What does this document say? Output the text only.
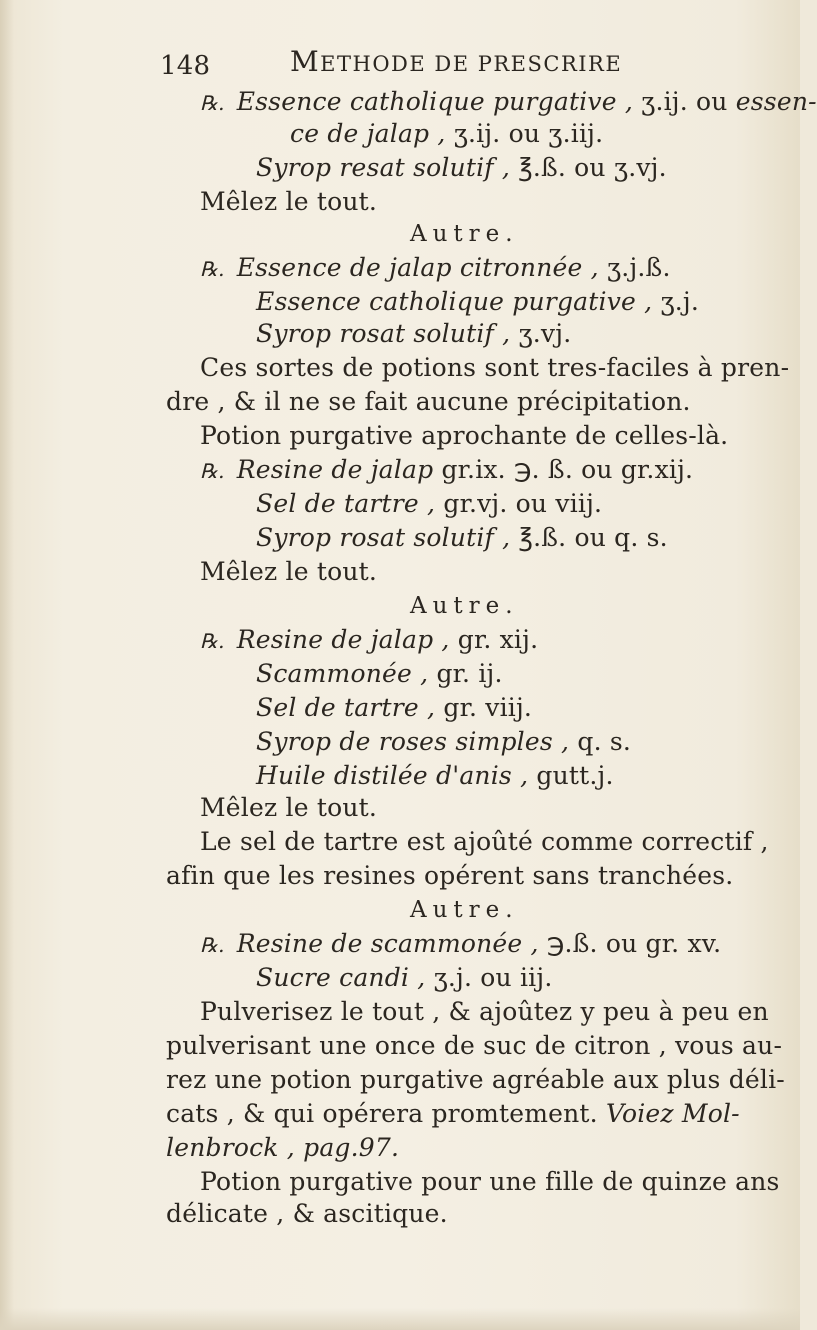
148	METHODE DE PRESCRIRE
℞. Essence catholique purgative , ʒ.ij. ou essen-
ce de jalap , ʒ.ij. ou ʒ.iij.
Syrop resat solutif , ℥.ß. ou ʒ.vj.
Mêlez le tout.
Autre.
℞. Essence de jalap citronnée , ʒ.j.ß.
Essence catholique purgative , ʒ.j.
Syrop rosat solutif , ʒ.vj.
Ces sortes de potions sont tres-faciles à pren-
dre , & il ne se fait aucune précipitation.
Potion purgative aprochante de celles-là.
℞. Resine de jalap gr.ix. ℈. ß. ou gr.xij.
Sel de tartre , gr.vj. ou viij.
Syrop rosat solutif , ℥.ß. ou q. s.
Mêlez le tout.
Autre.
℞. Resine de jalap , gr. xij.
Scammonée , gr. ij.
Sel de tartre , gr. viij.
Syrop de roses simples , q. s.
Huile distilée d'anis , gutt.j.
Mêlez le tout.
Le sel de tartre est ajoûté comme correctif ,
afin que les resines opérent sans tranchées.
Autre.
℞. Resine de scammonée , ℈.ß. ou gr. xv.
Sucre candi , ʒ.j. ou iij.
Pulverisez le tout , & ajoûtez y peu à peu en
pulverisant une once de suc de citron , vous au-
rez une potion purgative agréable aux plus déli-
cats , & qui opérera promtement. Voiez Mol-
lenbrock , pag.97.
Potion purgative pour une fille de quinze ans
délicate , & ascitique.
